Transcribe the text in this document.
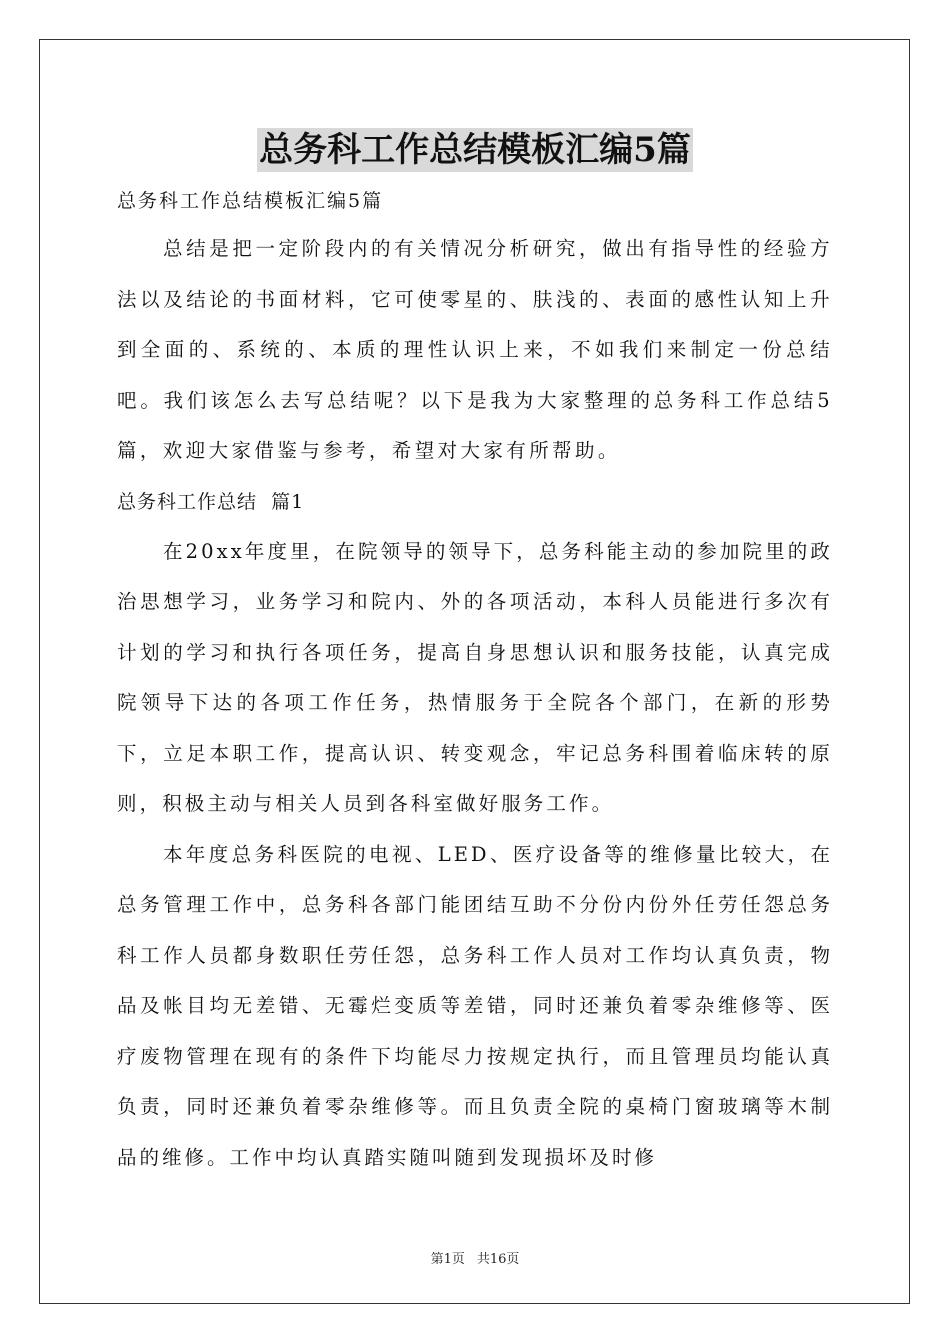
总务科工作总结模板汇编5篇

总务科工作总结模板汇编5篇

总结是把一定阶段内的有关情况分析研究，做出有指导性的经验方法以及结论的书面材料，它可使零星的、肤浅的、表面的感性认知上升到全面的、系统的、本质的理性认识上来，不如我们来制定一份总结吧。我们该怎么去写总结呢？以下是我为大家整理的总务科工作总结5篇，欢迎大家借鉴与参考，希望对大家有所帮助。

总务科工作总结  篇1

在20xx年度里，在院领导的领导下，总务科能主动的参加院里的政治思想学习，业务学习和院内、外的各项活动，本科人员能进行多次有计划的学习和执行各项任务，提高自身思想认识和服务技能，认真完成院领导下达的各项工作任务，热情服务于全院各个部门，在新的形势下，立足本职工作，提高认识、转变观念，牢记总务科围着临床转的原则，积极主动与相关人员到各科室做好服务工作。

本年度总务科医院的电视、LED、医疗设备等的维修量比较大，在总务管理工作中，总务科各部门能团结互助不分份内份外任劳任怨总务科工作人员都身数职任劳任怨，总务科工作人员对工作均认真负责，物品及帐目均无差错、无霉烂变质等差错，同时还兼负着零杂维修等、医疗废物管理在现有的条件下均能尽力按规定执行，而且管理员均能认真负责，同时还兼负着零杂维修等。而且负责全院的桌椅门窗玻璃等木制品的维修。工作中均认真踏实随叫随到发现损坏及时修

第1页 共16页
